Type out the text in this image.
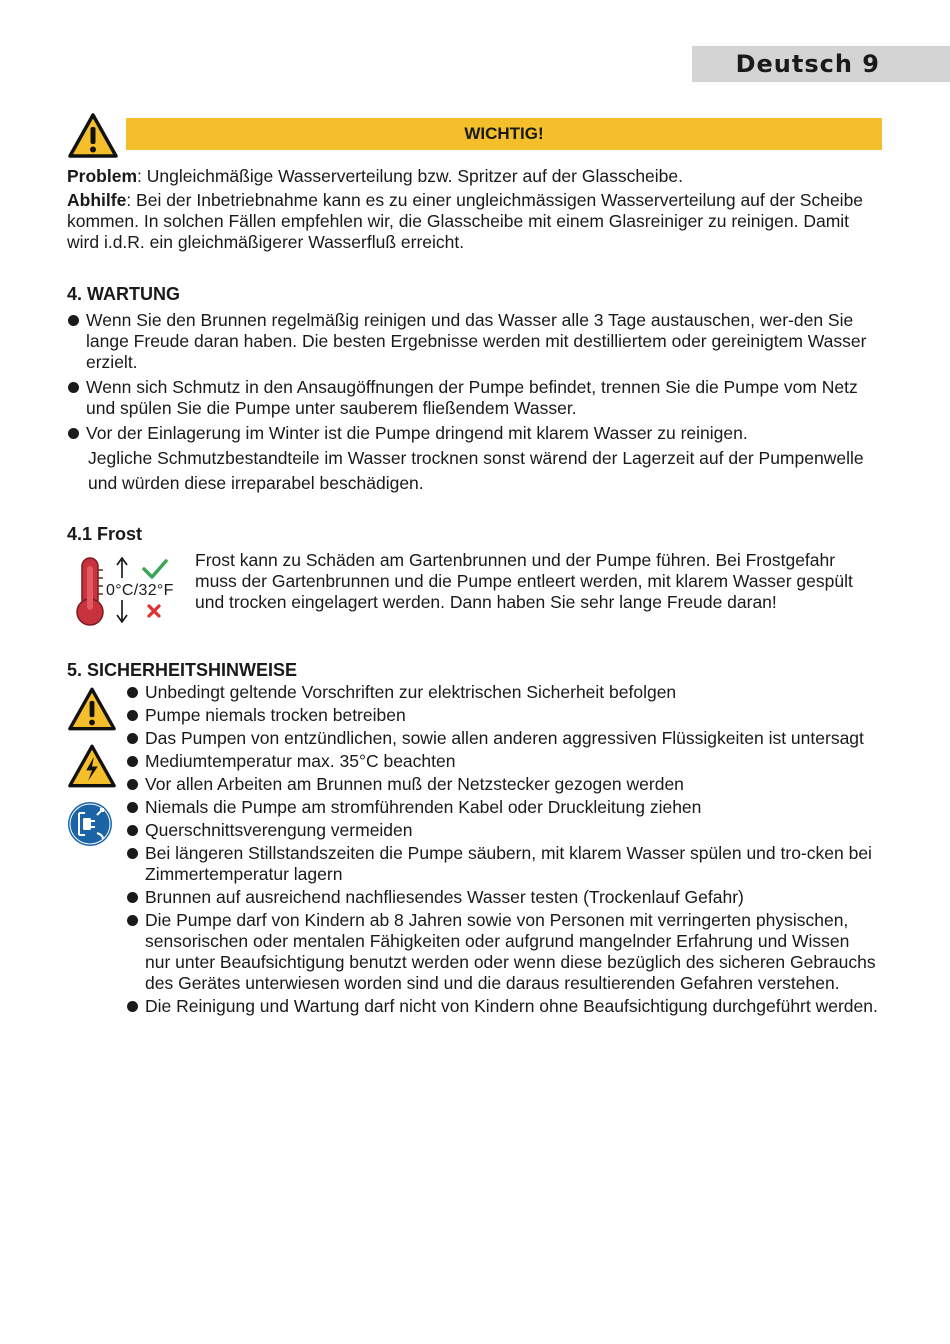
Deutsch 9
WICHTIG!

Problem: Ungleichmäßige Wasserverteilung bzw. Spritzer auf der Glasscheibe.

Abhilfe: Bei der Inbetriebnahme kann es zu einer ungleichmässigen Wasserverteilung auf der Scheibe kommen. In solchen Fällen empfehlen wir, die Glasscheibe mit einem Glasreiniger zu reinigen. Damit wird i.d.R. ein gleichmäßigerer Wasserfluß erreicht.

4. WARTUNG
Wenn Sie den Brunnen regelmäßig reinigen und das Wasser alle 3 Tage austauschen, wer-den Sie lange Freude daran haben. Die besten Ergebnisse werden mit destilliertem oder gereinigtem Wasser erzielt.
Wenn sich Schmutz in den Ansaugöffnungen der Pumpe befindet, trennen Sie die Pumpe vom Netz und spülen Sie die Pumpe unter sauberem fließendem Wasser.
Vor der Einlagerung im Winter ist die Pumpe dringend mit klarem Wasser zu reinigen.
Jegliche Schmutzbestandteile im Wasser trocknen sonst wärend der Lagerzeit auf der Pumpenwelle und würden diese irreparabel beschädigen.
4.1 Frost
0°C/32°F
Frost kann zu Schäden am Gartenbrunnen und der Pumpe führen. Bei Frostgefahr muss der Gartenbrunnen und die Pumpe entleert werden, mit klarem Wasser gespült und trocken eingelagert werden. Dann haben Sie sehr lange Freude daran!
5. SICHERHEITSHINWEISE
Unbedingt geltende Vorschriften zur elektrischen Sicherheit befolgen
Pumpe niemals trocken betreiben
Das Pumpen von entzündlichen, sowie allen anderen aggressiven Flüssigkeiten ist untersagt
Mediumtemperatur max. 35°C beachten
Vor allen Arbeiten am Brunnen muß der Netzstecker gezogen werden
Niemals die Pumpe am stromführenden Kabel oder Druckleitung ziehen
Querschnittsverengung vermeiden
Bei längeren Stillstandszeiten die Pumpe säubern, mit klarem Wasser spülen und tro-cken bei Zimmertemperatur lagern
Brunnen auf ausreichend nachfliesendes Wasser testen (Trockenlauf Gefahr)
Die Pumpe darf von Kindern ab 8 Jahren sowie von Personen mit verringerten physischen, sensorischen oder mentalen Fähigkeiten oder aufgrund mangelnder Erfahrung und Wissen nur unter Beaufsichtigung benutzt werden oder wenn diese bezüglich des sicheren Gebrauchs des Gerätes unterwiesen worden sind und die daraus resultierenden Gefahren verstehen.
Die Reinigung und Wartung darf nicht von Kindern ohne Beaufsichtigung durchgeführt werden.
